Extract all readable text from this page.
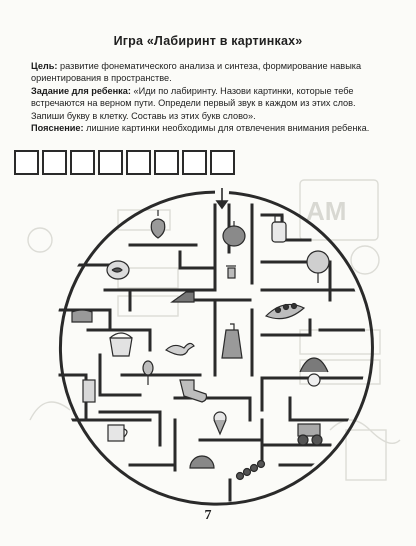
АМ
Игра «Лабиринт в картинках»

Цель: развитие фонематического анализа и синтеза, формирование навыка ориентирования в пространстве.

Задание для ребенка: «Иди по лабиринту. Назови картинки, которые тебе встречаются на верном пути. Определи первый звук в каждом из этих слов. Запиши букву в клетку. Составь из этих букв слово».

Пояснение: лишние картинки необходимы для отвлечения внимания ребенка.

7
